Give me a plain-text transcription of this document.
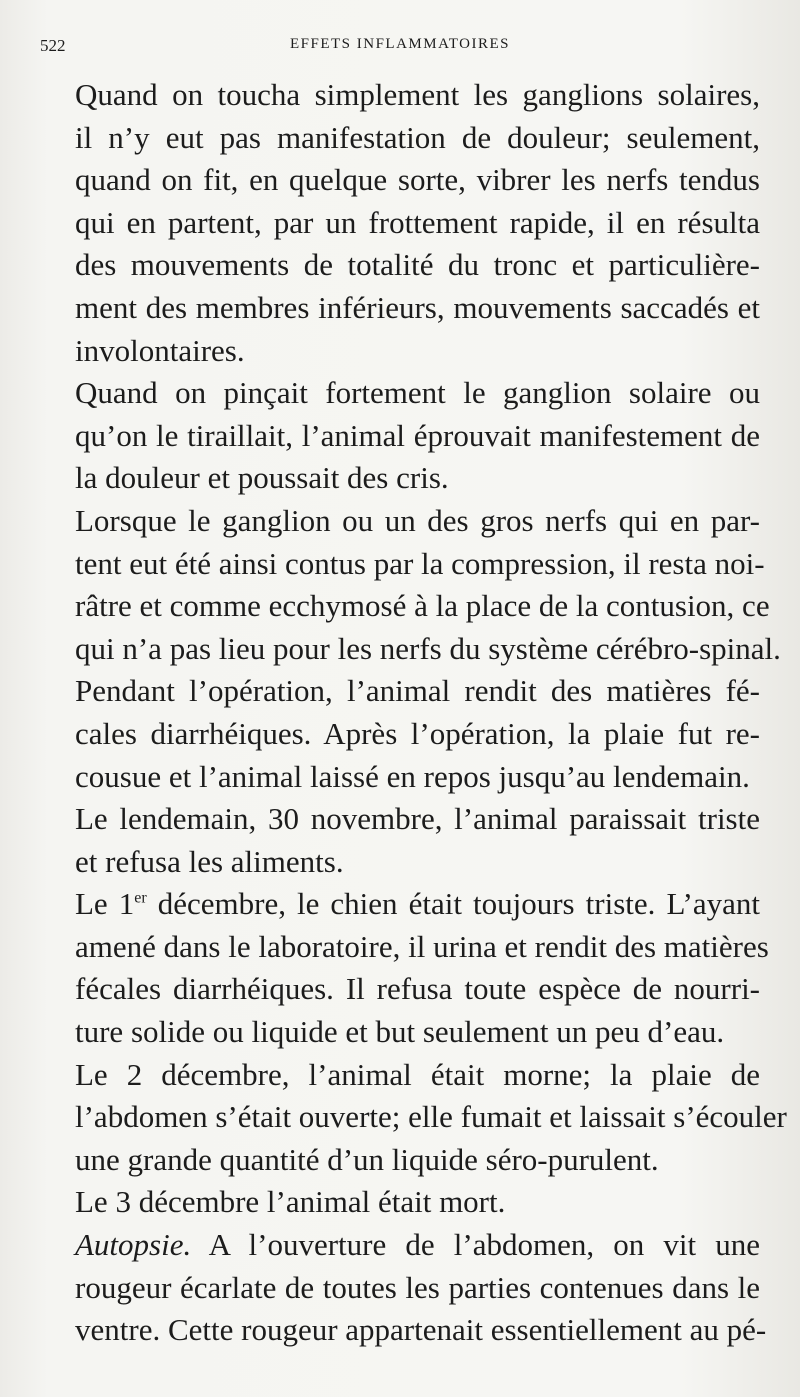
522	EFFETS INFLAMMATOIRES

Quand on toucha simplement les ganglions solaires,
il n’y eut pas manifestation de douleur; seulement,
quand on fit, en quelque sorte, vibrer les nerfs tendus
qui en partent, par un frottement rapide, il en résulta
des mouvements de totalité du tronc et particulière-
ment des membres inférieurs, mouvements saccadés et
involontaires.

Quand on pinçait fortement le ganglion solaire ou
qu’on le tiraillait, l’animal éprouvait manifestement de
la douleur et poussait des cris.

Lorsque le ganglion ou un des gros nerfs qui en par-
tent eut été ainsi contus par la compression, il resta noi-
râtre et comme ecchymosé à la place de la contusion, ce
qui n’a pas lieu pour les nerfs du système cérébro-spinal.

Pendant l’opération, l’animal rendit des matières fé-
cales diarrhéiques. Après l’opération, la plaie fut re-
cousue et l’animal laissé en repos jusqu’au lendemain.

Le lendemain, 30 novembre, l’animal paraissait triste
et refusa les aliments.

Le 1er décembre, le chien était toujours triste. L’ayant
amené dans le laboratoire, il urina et rendit des matières
fécales diarrhéiques. Il refusa toute espèce de nourri-
ture solide ou liquide et but seulement un peu d’eau.

Le 2 décembre, l’animal était morne; la plaie de
l’abdomen s’était ouverte; elle fumait et laissait s’écouler
une grande quantité d’un liquide séro-purulent.

Le 3 décembre l’animal était mort.

Autopsie. A l’ouverture de l’abdomen, on vit une
rougeur écarlate de toutes les parties contenues dans le
ventre. Cette rougeur appartenait essentiellement au pé-
